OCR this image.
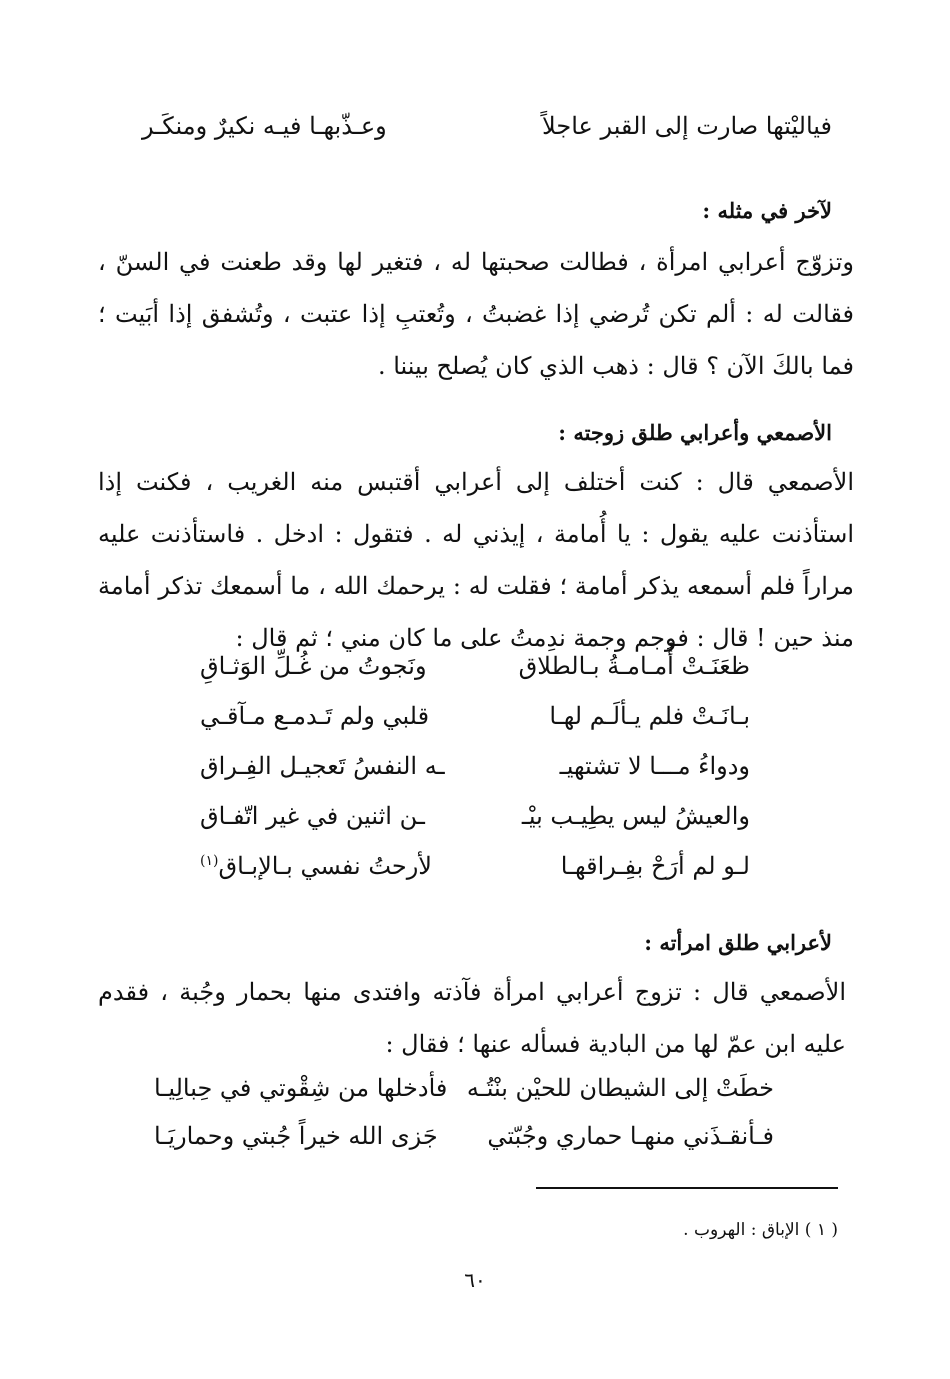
فياليْتها صارت إلى القبر عاجلاً
وعـذّبهـا فيـه نكيرٌ ومنكَـر
لآخر في مثله :
وتزوّج أعرابي امرأة ، فطالت صحبتها له ، فتغير لها وقد طعنت في السنّ ، فقالت له : ألم تكن تُرضي إذا غضبتُ ، وتُعتبِ إذا عتبت ، وتُشفق إذا أبَيت ؛ فما بالكَ الآن ؟ قال : ذهب الذي كان يُصلح بيننا .
الأصمعي وأعرابي طلق زوجته :
الأصمعي قال : كنت أختلف إلى أعرابي أقتبس منه الغريب ، فكنت إذا استأذنت عليه يقول : يا أُمامة ، إيذني له . فتقول : ادخل . فاستأذنت عليه مراراً فلم أسمعه يذكر أمامة ؛ فقلت له : يرحمك الله ، ما أسمعك تذكر أمامة منذ حين ! قال : فوجم وجمة ندِمتُ على ما كان مني ؛ ثم قال :
ظعَنَـتْ أُمـامـةُ بـالطلاق
ونَجوتُ من غُـلِّ الوَثـاقِ
بـانَـتْ فلم يـألَـم لهـا
قلبي ولم تَـدمـع مـآقـي
ودواءُ مـــا لا تشتهيـ
ـه النفسُ تَعجيـل الفِـراق
والعيشُ ليس يطِيـب بيْـ
ـن اثنين في غير اتّفـاق
لـو لم أرَحْ بفِـراقهـا
لأرحتُ نفسي بـالإبـاق$^{(١)}$
لأعرابي طلق امرأته :
الأصمعي قال : تزوج أعرابي امرأة فآذته وافتدى منها بحمار وجُبة ، فقدم عليه ابن عمّ لها من البادية فسأله عنها ؛ فقال :
خطَتْ إلى الشيطان للحيْن بنْتُـه
فأدخلها من شِقْوتي في حِبالِيـا
فـأنقـذَني منهـا حماري وجُبّتي
جَزى الله خيراً جُبتي وحماريَـا
( ١ ) الإباق : الهروب .
٦٠
